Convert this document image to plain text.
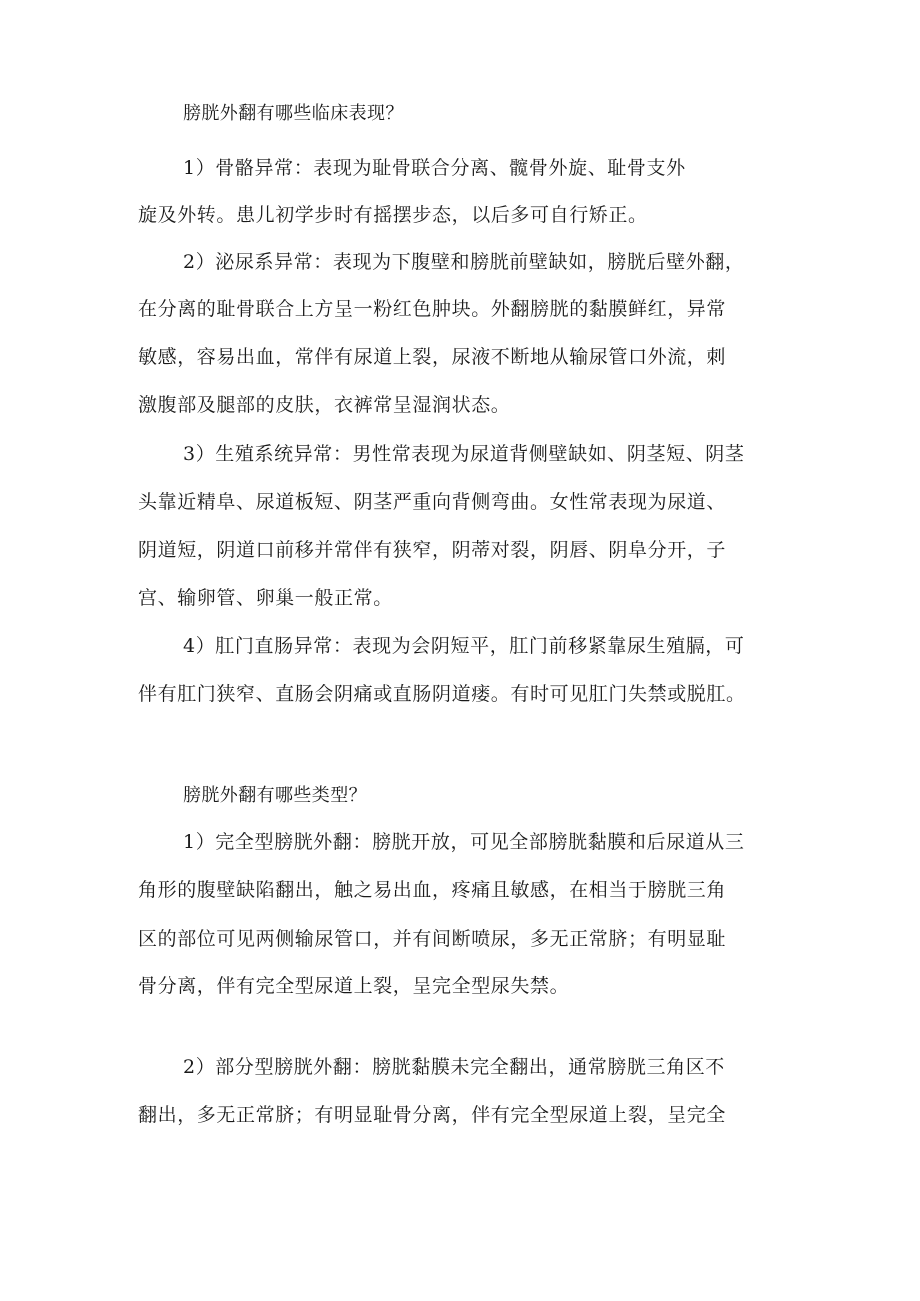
膀胱外翻有哪些临床表现？
1）骨骼异常：表现为耻骨联合分离、髋骨外旋、耻骨支外
旋及外转。患儿初学步时有摇摆步态，以后多可自行矫正。
2）泌尿系异常：表现为下腹壁和膀胱前壁缺如，膀胱后壁外翻，
在分离的耻骨联合上方呈一粉红色肿块。外翻膀胱的黏膜鲜红，异常
敏感，容易出血，常伴有尿道上裂，尿液不断地从输尿管口外流，刺
激腹部及腿部的皮肤，衣裤常呈湿润状态。
3）生殖系统异常：男性常表现为尿道背侧壁缺如、阴茎短、阴茎
头靠近精阜、尿道板短、阴茎严重向背侧弯曲。女性常表现为尿道、
阴道短，阴道口前移并常伴有狭窄，阴蒂对裂，阴唇、阴阜分开，子
宫、输卵管、卵巢一般正常。
4）肛门直肠异常：表现为会阴短平，肛门前移紧靠尿生殖膈，可
伴有肛门狭窄、直肠会阴痛或直肠阴道瘘。有时可见肛门失禁或脱肛。
膀胱外翻有哪些类型？
1）完全型膀胱外翻：膀胱开放，可见全部膀胱黏膜和后尿道从三
角形的腹壁缺陷翻出，触之易出血，疼痛且敏感，在相当于膀胱三角
区的部位可见两侧输尿管口，并有间断喷尿，多无正常脐；有明显耻
骨分离，伴有完全型尿道上裂，呈完全型尿失禁。
2）部分型膀胱外翻：膀胱黏膜未完全翻出，通常膀胱三角区不
翻出，多无正常脐；有明显耻骨分离，伴有完全型尿道上裂，呈完全
